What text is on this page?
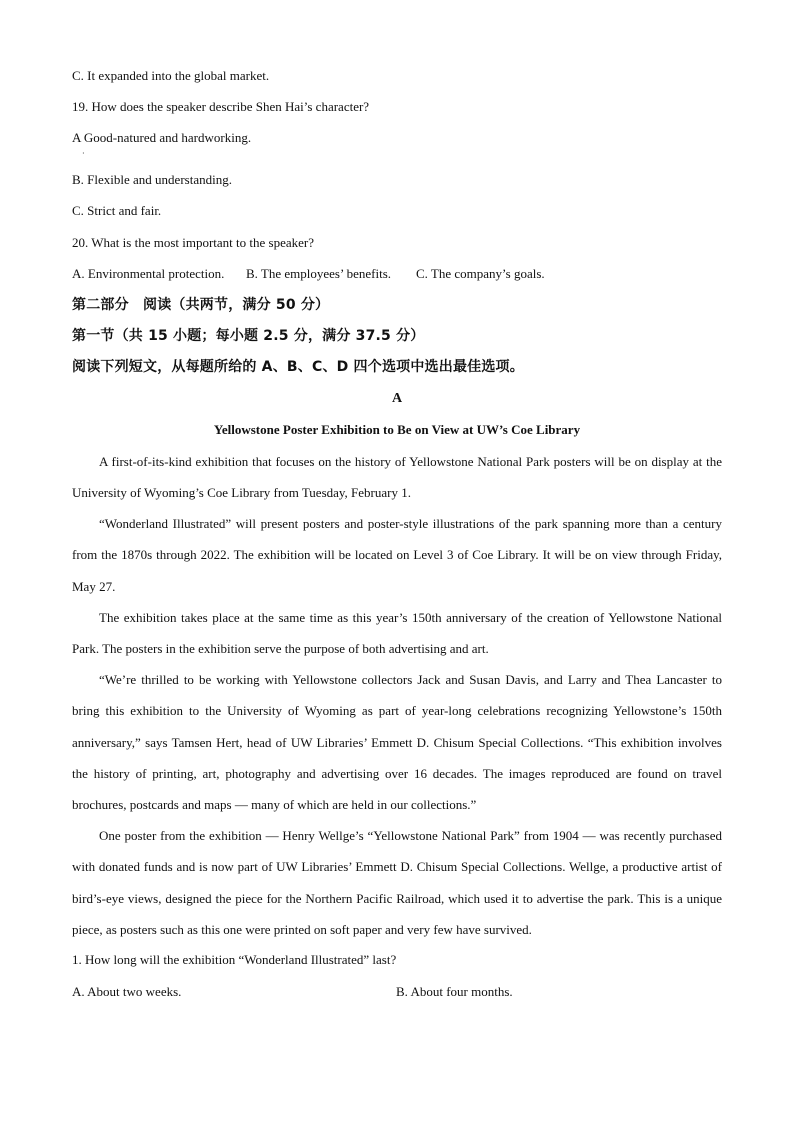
C. It expanded into the global market.
19. How does the speaker describe Shen Hai’s character?
A Good-natured and hardworking.
·
B. Flexible and understanding.
C. Strict and fair.
20. What is the most important to the speaker?
A. Environmental protection. B. The employees’ benefits. C. The company’s goals.
第二部分　阅读（共两节，满分 50 分）
第一节（共 15 小题；每小题 2.5 分，满分 37.5 分）
阅读下列短文，从每题所给的 A、B、C、D 四个选项中选出最佳选项。
A
Yellowstone Poster Exhibition to Be on View at UW’s Coe Library
A first-of-its-kind exhibition that focuses on the history of Yellowstone National Park posters will be on display at the University of Wyoming’s Coe Library from Tuesday, February 1.
“Wonderland Illustrated” will present posters and poster-style illustrations of the park spanning more than a century from the 1870s through 2022. The exhibition will be located on Level 3 of Coe Library. It will be on view through Friday, May 27.
The exhibition takes place at the same time as this year’s 150th anniversary of the creation of Yellowstone National Park. The posters in the exhibition serve the purpose of both advertising and art.
“We’re thrilled to be working with Yellowstone collectors Jack and Susan Davis, and Larry and Thea Lancaster to bring this exhibition to the University of Wyoming as part of year-long celebrations recognizing Yellowstone’s 150th anniversary,” says Tamsen Hert, head of UW Libraries’ Emmett D. Chisum Special Collections. “This exhibition involves the history of printing, art, photography and advertising over 16 decades. The images reproduced are found on travel brochures, postcards and maps — many of which are held in our collections.”
One poster from the exhibition — Henry Wellge’s “Yellowstone National Park” from 1904 — was recently purchased with donated funds and is now part of UW Libraries’ Emmett D. Chisum Special Collections. Wellge, a productive artist of bird’s-eye views, designed the piece for the Northern Pacific Railroad, which used it to advertise the park. This is a unique piece, as posters such as this one were printed on soft paper and very few have survived.
1. How long will the exhibition “Wonderland Illustrated” last?
A. About two weeks.	B. About four months.
